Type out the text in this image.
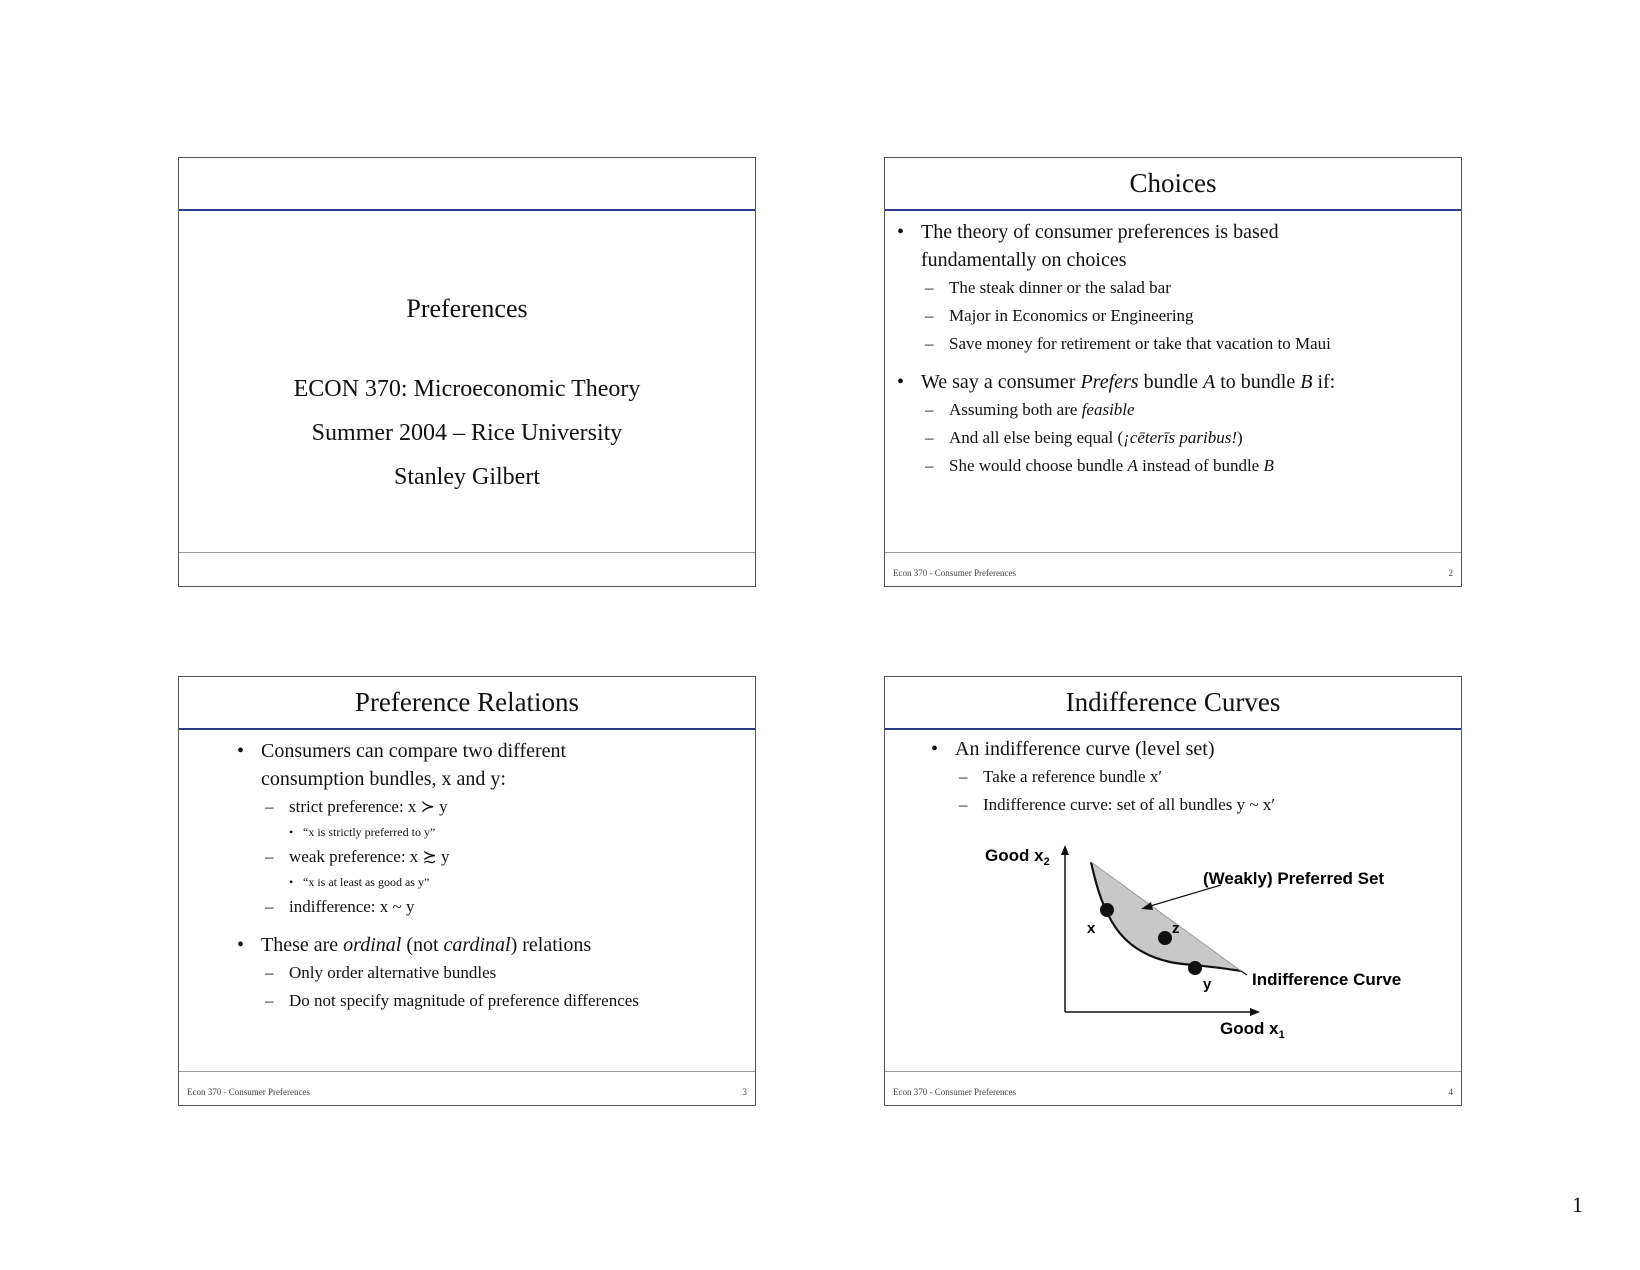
Preferences
ECON 370: Microeconomic Theory
Summer 2004 – Rice University
Stanley Gilbert
Choices
• The theory of consumer preferences is based
fundamentally on choices
– The steak dinner or the salad bar
– Major in Economics or Engineering
– Save money for retirement or take that vacation to Maui
• We say a consumer Prefers bundle A to bundle B if:
– Assuming both are feasible
– And all else being equal (¡cēterīs paribus!)
– She would choose bundle A instead of bundle B
Econ 370 - Consumer Preferences	2
Preference Relations
• Consumers can compare two different
consumption bundles, x and y:
– strict preference: x ≻ y
• “x is strictly preferred to y”
– weak preference: x ≿ y
• “x is at least as good as y”
– indifference: x ~ y
• These are ordinal (not cardinal) relations
– Only order alternative bundles
– Do not specify magnitude of preference differences
Econ 370 - Consumer Preferences	3
Indifference Curves
• An indifference curve (level set)
– Take a reference bundle x′
– Indifference curve: set of all bundles y ~ x′
Good $x_2$
Good $x_1$
(Weakly) Preferred Set
Indifference Curve
x	z
y
Econ 370 - Consumer Preferences	4
1
